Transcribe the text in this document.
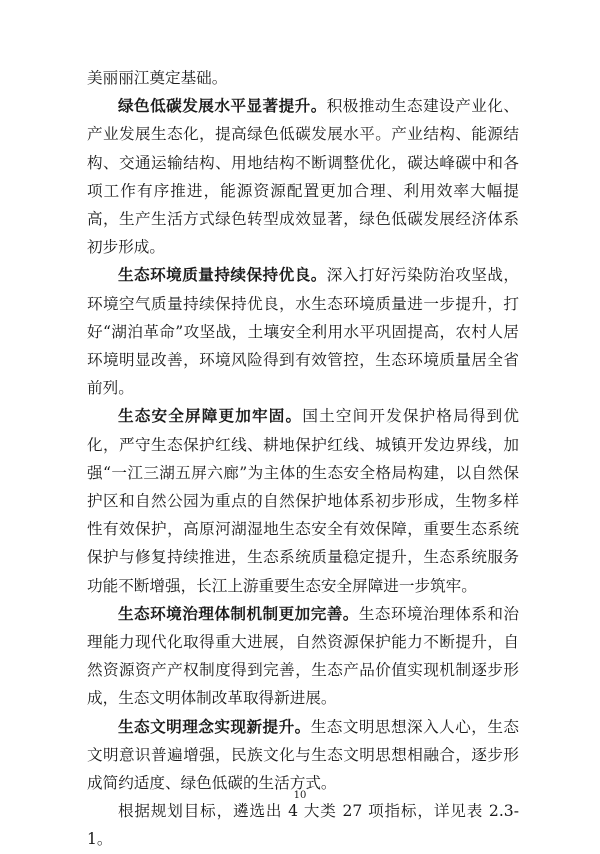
美丽丽江奠定基础。

绿色低碳发展水平显著提升。积极推动生态建设产业化、产业发展生态化，提高绿色低碳发展水平。产业结构、能源结构、交通运输结构、用地结构不断调整优化，碳达峰碳中和各项工作有序推进，能源资源配置更加合理、利用效率大幅提高，生产生活方式绿色转型成效显著，绿色低碳发展经济体系初步形成。

生态环境质量持续保持优良。深入打好污染防治攻坚战，环境空气质量持续保持优良，水生态环境质量进一步提升，打好“湖泊革命”攻坚战，土壤安全利用水平巩固提高，农村人居环境明显改善，环境风险得到有效管控，生态环境质量居全省前列。

生态安全屏障更加牢固。国土空间开发保护格局得到优化，严守生态保护红线、耕地保护红线、城镇开发边界线，加强“一江三湖五屏六廊”为主体的生态安全格局构建，以自然保护区和自然公园为重点的自然保护地体系初步形成，生物多样性有效保护，高原河湖湿地生态安全有效保障，重要生态系统保护与修复持续推进，生态系统质量稳定提升，生态系统服务功能不断增强，长江上游重要生态安全屏障进一步筑牢。

生态环境治理体制机制更加完善。生态环境治理体系和治理能力现代化取得重大进展，自然资源保护能力不断提升，自然资源资产产权制度得到完善，生态产品价值实现机制逐步形成，生态文明体制改革取得新进展。

生态文明理念实现新提升。生态文明思想深入人心，生态文明意识普遍增强，民族文化与生态文明思想相融合，逐步形成简约适度、绿色低碳的生活方式。

根据规划目标，遴选出 4 大类 27 项指标，详见表 2.3-1。

10
